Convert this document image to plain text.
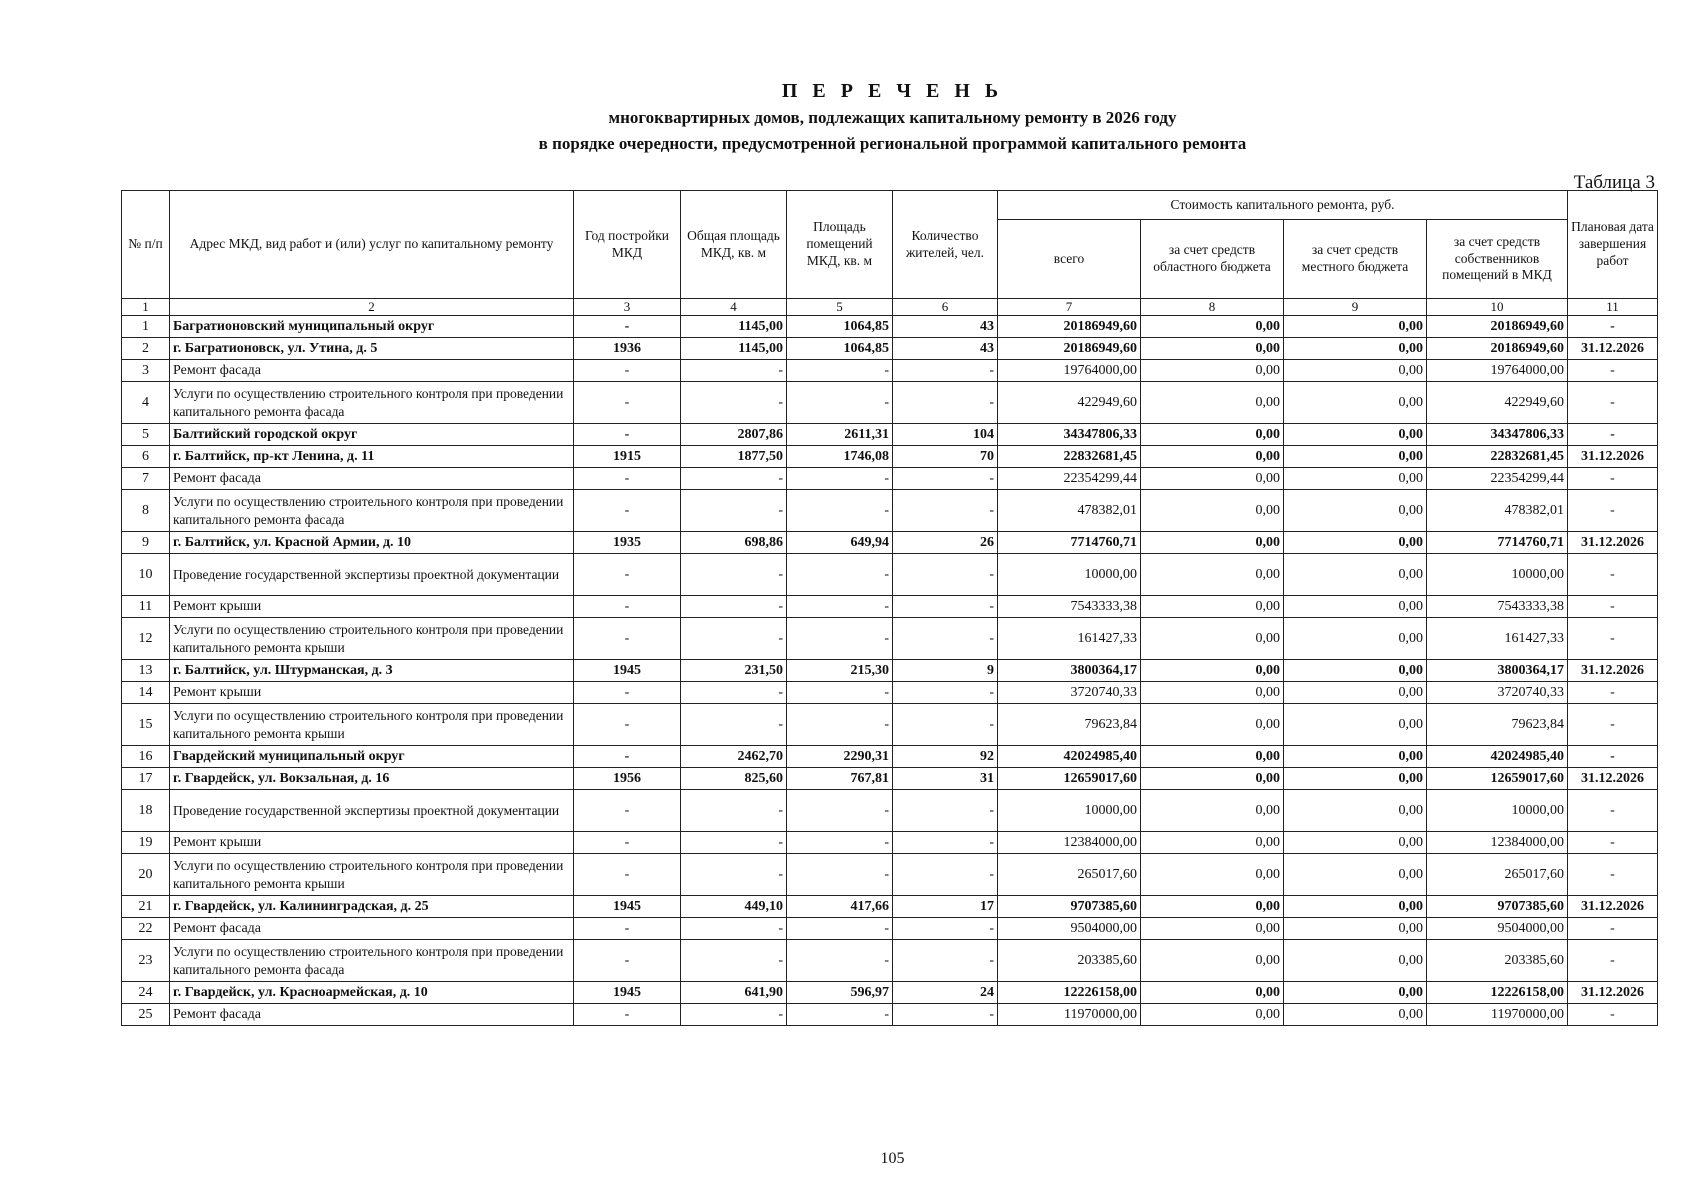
П Е Р Е Ч Е Н Ь
многоквартирных домов, подлежащих капитальному ремонту в 2026 году
в порядке очередности, предусмотренной региональной программой капитального ремонта
Таблица 3
№ п/п	Адрес МКД, вид работ и (или) услуг по капитальному ремонту	Год постройки МКД	Общая площадь МКД, кв. м	Площадь помещений МКД, кв. м	Количество жителей, чел.	Стоимость капитального ремонта, руб.				Плановая дата завершения работ
						всего	за счет средств областного бюджета	за счет средств местного бюджета	за счет средств собственников помещений в МКД	
1	2	3	4	5	6	7	8	9	10	11
1	Багратионовский муниципальный округ	-	1145,00	1064,85	43	20186949,60	0,00	0,00	20186949,60	-
2	г. Багратионовск, ул. Утина, д. 5	1936	1145,00	1064,85	43	20186949,60	0,00	0,00	20186949,60	31.12.2026
3	Ремонт фасада	-	-	-	-	19764000,00	0,00	0,00	19764000,00	-
4	Услуги по осуществлению строительного контроля при проведении капитального ремонта фасада	-	-	-	-	422949,60	0,00	0,00	422949,60	-
5	Балтийский городской округ	-	2807,86	2611,31	104	34347806,33	0,00	0,00	34347806,33	-
6	г. Балтийск, пр-кт Ленина, д. 11	1915	1877,50	1746,08	70	22832681,45	0,00	0,00	22832681,45	31.12.2026
7	Ремонт фасада	-	-	-	-	22354299,44	0,00	0,00	22354299,44	-
8	Услуги по осуществлению строительного контроля при проведении капитального ремонта фасада	-	-	-	-	478382,01	0,00	0,00	478382,01	-
9	г. Балтийск, ул. Красной Армии, д. 10	1935	698,86	649,94	26	7714760,71	0,00	0,00	7714760,71	31.12.2026
10	Проведение государственной экспертизы проектной документации	-	-	-	-	10000,00	0,00	0,00	10000,00	-
11	Ремонт крыши	-	-	-	-	7543333,38	0,00	0,00	7543333,38	-
12	Услуги по осуществлению строительного контроля при проведении капитального ремонта крыши	-	-	-	-	161427,33	0,00	0,00	161427,33	-
13	г. Балтийск, ул. Штурманская, д. 3	1945	231,50	215,30	9	3800364,17	0,00	0,00	3800364,17	31.12.2026
14	Ремонт крыши	-	-	-	-	3720740,33	0,00	0,00	3720740,33	-
15	Услуги по осуществлению строительного контроля при проведении капитального ремонта крыши	-	-	-	-	79623,84	0,00	0,00	79623,84	-
16	Гвардейский муниципальный округ	-	2462,70	2290,31	92	42024985,40	0,00	0,00	42024985,40	-
17	г. Гвардейск, ул. Вокзальная, д. 16	1956	825,60	767,81	31	12659017,60	0,00	0,00	12659017,60	31.12.2026
18	Проведение государственной экспертизы проектной документации	-	-	-	-	10000,00	0,00	0,00	10000,00	-
19	Ремонт крыши	-	-	-	-	12384000,00	0,00	0,00	12384000,00	-
20	Услуги по осуществлению строительного контроля при проведении капитального ремонта крыши	-	-	-	-	265017,60	0,00	0,00	265017,60	-
21	г. Гвардейск, ул. Калининградская, д. 25	1945	449,10	417,66	17	9707385,60	0,00	0,00	9707385,60	31.12.2026
22	Ремонт фасада	-	-	-	-	9504000,00	0,00	0,00	9504000,00	-
23	Услуги по осуществлению строительного контроля при проведении капитального ремонта фасада	-	-	-	-	203385,60	0,00	0,00	203385,60	-
24	г. Гвардейск, ул. Красноармейская, д. 10	1945	641,90	596,97	24	12226158,00	0,00	0,00	12226158,00	31.12.2026
25	Ремонт фасада	-	-	-	-	11970000,00	0,00	0,00	11970000,00	-
105
